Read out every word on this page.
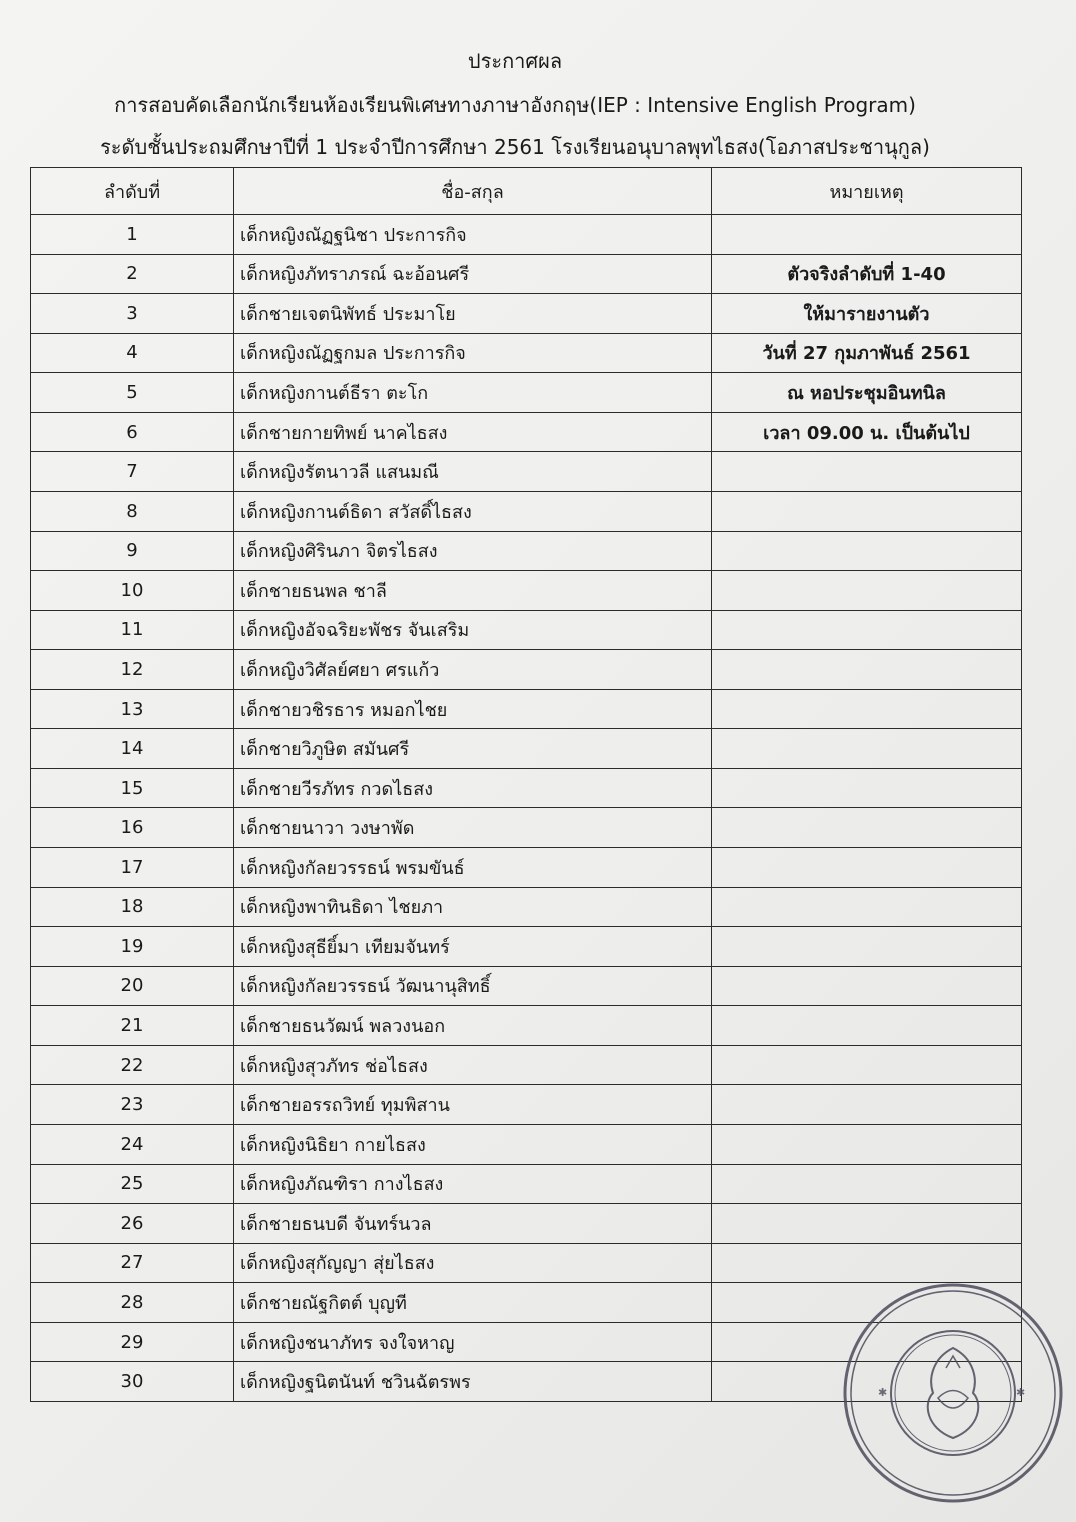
ประกาศผล
การสอบคัดเลือกนักเรียนห้องเรียนพิเศษทางภาษาอังกฤษ(IEP : Intensive English Program)
ระดับชั้นประถมศึกษาปีที่ 1 ประจำปีการศึกษา 2561 โรงเรียนอนุบาลพุทไธสง(โอภาสประชานุกูล)
ลำดับที่	ชื่อ-สกุล	หมายเหตุ
1	เด็กหญิงณัฏฐนิชา ประการกิจ	
2	เด็กหญิงภัทราภรณ์ ฉะอ้อนศรี	ตัวจริงลำดับที่ 1-40
3	เด็กชายเจตนิพัทธ์ ประมาโย	ให้มารายงานตัว
4	เด็กหญิงณัฏฐกมล ประการกิจ	วันที่ 27 กุมภาพันธ์ 2561
5	เด็กหญิงกานต์ธีรา ตะโก	ณ หอประชุมอินทนิล
6	เด็กชายกายทิพย์ นาคไธสง	เวลา 09.00 น. เป็นต้นไป
7	เด็กหญิงรัตนาวลี แสนมณี	
8	เด็กหญิงกานต์ธิดา สวัสดิ์ไธสง	
9	เด็กหญิงศิรินภา จิตรไธสง	
10	เด็กชายธนพล ชาลี	
11	เด็กหญิงอัจฉริยะพัชร จันเสริม	
12	เด็กหญิงวิศัลย์ศยา ศรแก้ว	
13	เด็กชายวชิรธาร หมอกไชย	
14	เด็กชายวิภูษิต สมันศรี	
15	เด็กชายวีรภัทร กวดไธสง	
16	เด็กชายนาวา วงษาพัด	
17	เด็กหญิงกัลยวรรธน์ พรมขันธ์	
18	เด็กหญิงพาทินธิดา ไชยภา	
19	เด็กหญิงสุธียิ์มา เทียมจันทร์	
20	เด็กหญิงกัลยวรรธน์ วัฒนานุสิทธิ์	
21	เด็กชายธนวัฒน์ พลวงนอก	
22	เด็กหญิงสุวภัทร ช่อไธสง	
23	เด็กชายอรรถวิทย์ ทุมพิสาน	
24	เด็กหญิงนิธิยา กายไธสง	
25	เด็กหญิงภัณฑิรา กางไธสง	
26	เด็กชายธนบดี จันทร์นวล	
27	เด็กหญิงสุกัญญา สุ่ยไธสง	
28	เด็กชายณัฐกิตต์ บุญที	
29	เด็กหญิงชนาภัทร จงใจหาญ	
30	เด็กหญิงฐนิตนันท์ ชวินฉัตรพร		✱	✱
